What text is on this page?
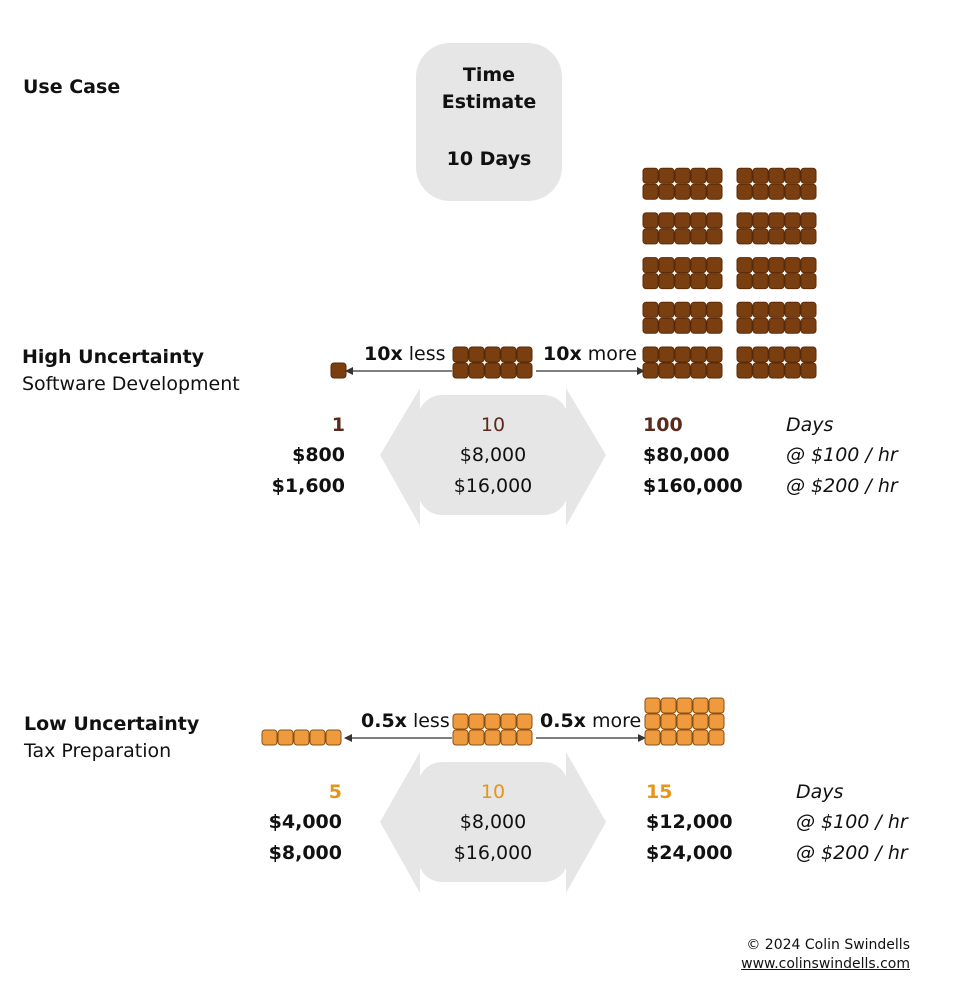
Use Case
Time
Estimate
10 Days
High Uncertainty
Software Development
10x less	10x more
1
$800
$1,600
10
$8,000
$16,000
100
$80,000
$160,000
Days
@ $100 / hr
@ $200 / hr
Low Uncertainty
Tax Preparation
0.5x less	0.5x more
5
$4,000
$8,000
10
$8,000
$16,000
15
$12,000
$24,000
Days
@ $100 / hr
@ $200 / hr
© 2024 Colin Swindells
www.colinswindells.com
